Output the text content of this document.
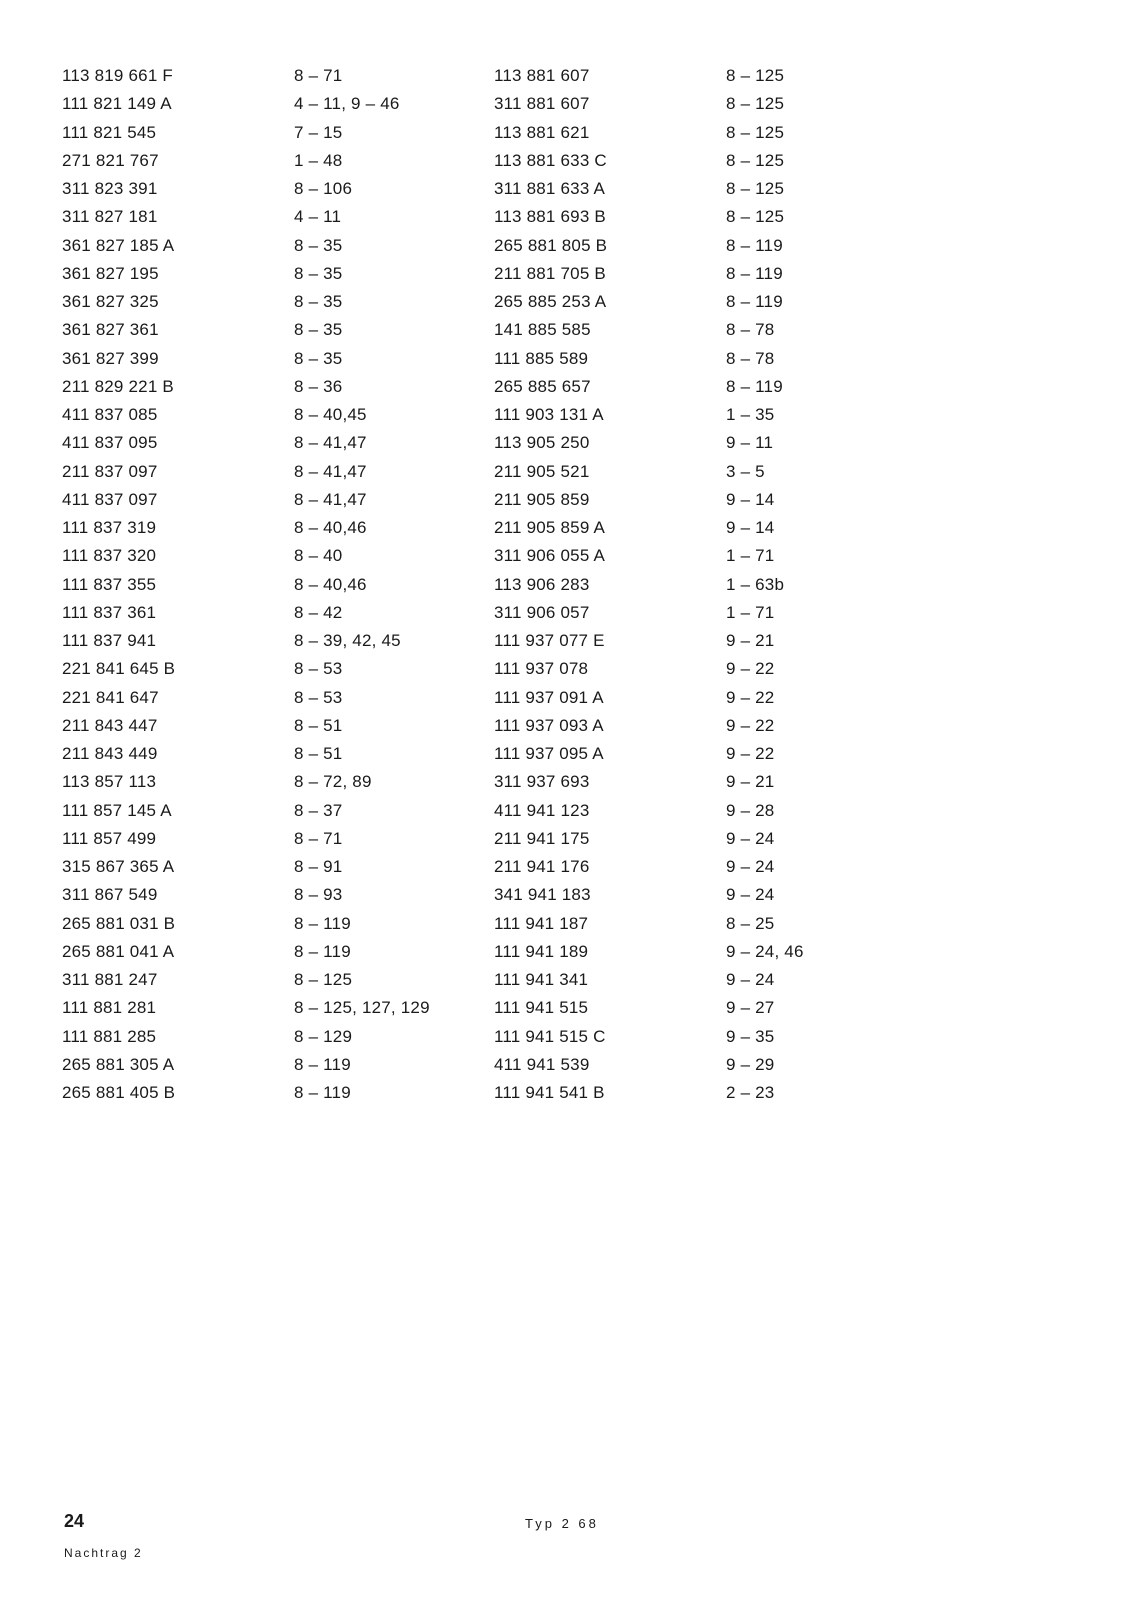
113 819 661 F	8 – 71
111 821 149 A	4 – 11, 9 – 46
111 821 545	7 – 15
271 821 767	1 – 48
311 823 391	8 – 106
311 827 181	4 – 11
361 827 185 A	8 – 35
361 827 195	8 – 35
361 827 325	8 – 35
361 827 361	8 – 35
361 827 399	8 – 35
211 829 221 B	8 – 36
411 837 085	8 – 40,45
411 837 095	8 – 41,47
211 837 097	8 – 41,47
411 837 097	8 – 41,47
111 837 319	8 – 40,46
111 837 320	8 – 40
111 837 355	8 – 40,46
111 837 361	8 – 42
111 837 941	8 – 39, 42, 45
221 841 645 B	8 – 53
221 841 647	8 – 53
211 843 447	8 – 51
211 843 449	8 – 51
113 857 113	8 – 72, 89
111 857 145 A	8 – 37
111 857 499	8 – 71
315 867 365 A	8 – 91
311 867 549	8 – 93
265 881 031 B	8 – 119
265 881 041 A	8 – 119
311 881 247	8 – 125
111 881 281	8 – 125, 127, 129
111 881 285	8 – 129
265 881 305 A	8 – 119
265 881 405 B	8 – 119
113 881 607	8 – 125
311 881 607	8 – 125
113 881 621	8 – 125
113 881 633 C	8 – 125
311 881 633 A	8 – 125
113 881 693 B	8 – 125
265 881 805 B	8 – 119
211 881 705 B	8 – 119
265 885 253 A	8 – 119
141 885 585	8 – 78
111 885 589	8 – 78
265 885 657	8 – 119
111 903 131 A	1 – 35
113 905 250	9 – 11
211 905 521	3 – 5
211 905 859	9 – 14
211 905 859 A	9 – 14
311 906 055 A	1 – 71
113 906 283	1 – 63b
311 906 057	1 – 71
111 937 077 E	9 – 21
111 937 078	9 – 22
111 937 091 A	9 – 22
111 937 093 A	9 – 22
111 937 095 A	9 – 22
311 937 693	9 – 21
411 941 123	9 – 28
211 941 175	9 – 24
211 941 176	9 – 24
341 941 183	9 – 24
111 941 187	8 – 25
111 941 189	9 – 24, 46
111 941 341	9 – 24
111 941 515	9 – 27
111 941 515 C	9 – 35
411 941 539	9 – 29
111 941 541 B	2 – 23
24
Nachtrag 2
Typ 2 68
